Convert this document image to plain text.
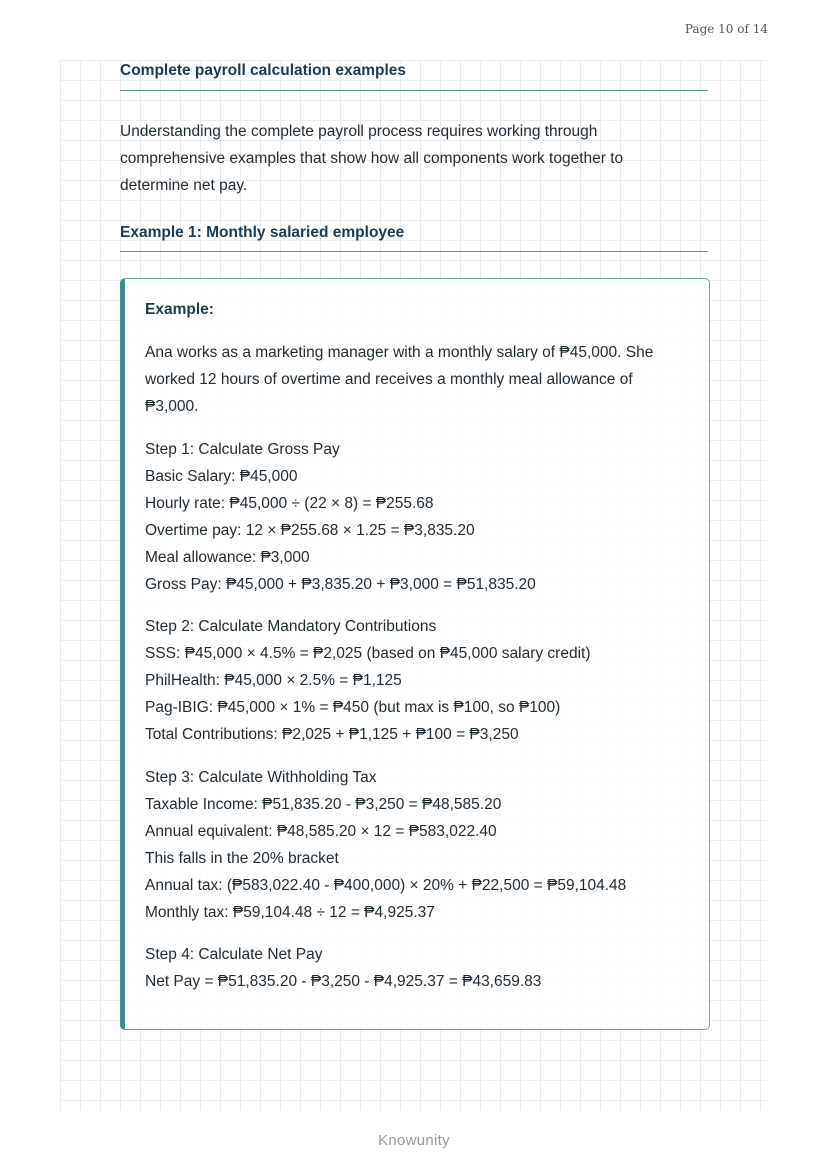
Page 10 of 14
Complete payroll calculation examples

Understanding the complete payroll process requires working through comprehensive examples that show how all components work together to determine net pay.

Example 1: Monthly salaried employee
Example:

Ana works as a marketing manager with a monthly salary of ₱45,000. She worked 12 hours of overtime and receives a monthly meal allowance of ₱3,000.

Step 1: Calculate Gross Pay
Basic Salary: ₱45,000
Hourly rate: ₱45,000 ÷ (22 × 8) = ₱255.68
Overtime pay: 12 × ₱255.68 × 1.25 = ₱3,835.20
Meal allowance: ₱3,000
Gross Pay: ₱45,000 + ₱3,835.20 + ₱3,000 = ₱51,835.20
Step 2: Calculate Mandatory Contributions
SSS: ₱45,000 × 4.5% = ₱2,025 (based on ₱45,000 salary credit)
PhilHealth: ₱45,000 × 2.5% = ₱1,125
Pag-IBIG: ₱45,000 × 1% = ₱450 (but max is ₱100, so ₱100)
Total Contributions: ₱2,025 + ₱1,125 + ₱100 = ₱3,250
Step 3: Calculate Withholding Tax
Taxable Income: ₱51,835.20 - ₱3,250 = ₱48,585.20
Annual equivalent: ₱48,585.20 × 12 = ₱583,022.40
This falls in the 20% bracket
Annual tax: (₱583,022.40 - ₱400,000) × 20% + ₱22,500 = ₱59,104.48
Monthly tax: ₱59,104.48 ÷ 12 = ₱4,925.37
Step 4: Calculate Net Pay
Net Pay = ₱51,835.20 - ₱3,250 - ₱4,925.37 = ₱43,659.83
Knowunity
